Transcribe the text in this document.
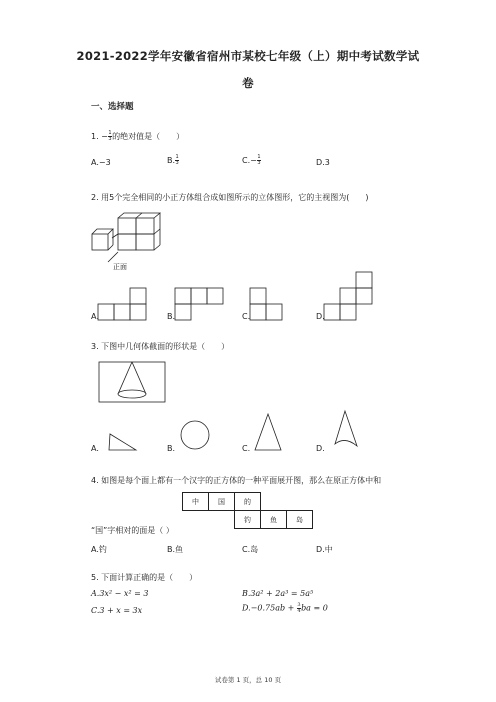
2021-2022学年安徽省宿州市某校七年级（上）期中考试数学试
卷
一、选择题
1. − $\frac{1}{3}$ 的绝对值是（　　）
A.−3	B. $\frac{1}{3}$	$C.- \frac{1}{3}$	D.3
2. 用5个完全相同的小正方体组合成如图所示的立体图形，它的主视图为(　　)
正面
A.	B.	C.	D.
3. 下图中几何体截面的形状是（　　）
A.	B.	C.	D.
4. 如图是每个面上都有一个汉字的正方体的一种平面展开图，那么在原正方体中和
中	国	的		
		钓	鱼	岛
“国”字相对的面是（ ）
A.钓	B.鱼	C.岛	D.中
5. 下面计算正确的是（　　）
A.3x² − x² = 3	B.3a² + 2a³ = 5a⁵
C.3 + x = 3x	$D.-0.75ab + \frac{3}{4}$ ba = 0
试卷第 1 页，总 10 页
